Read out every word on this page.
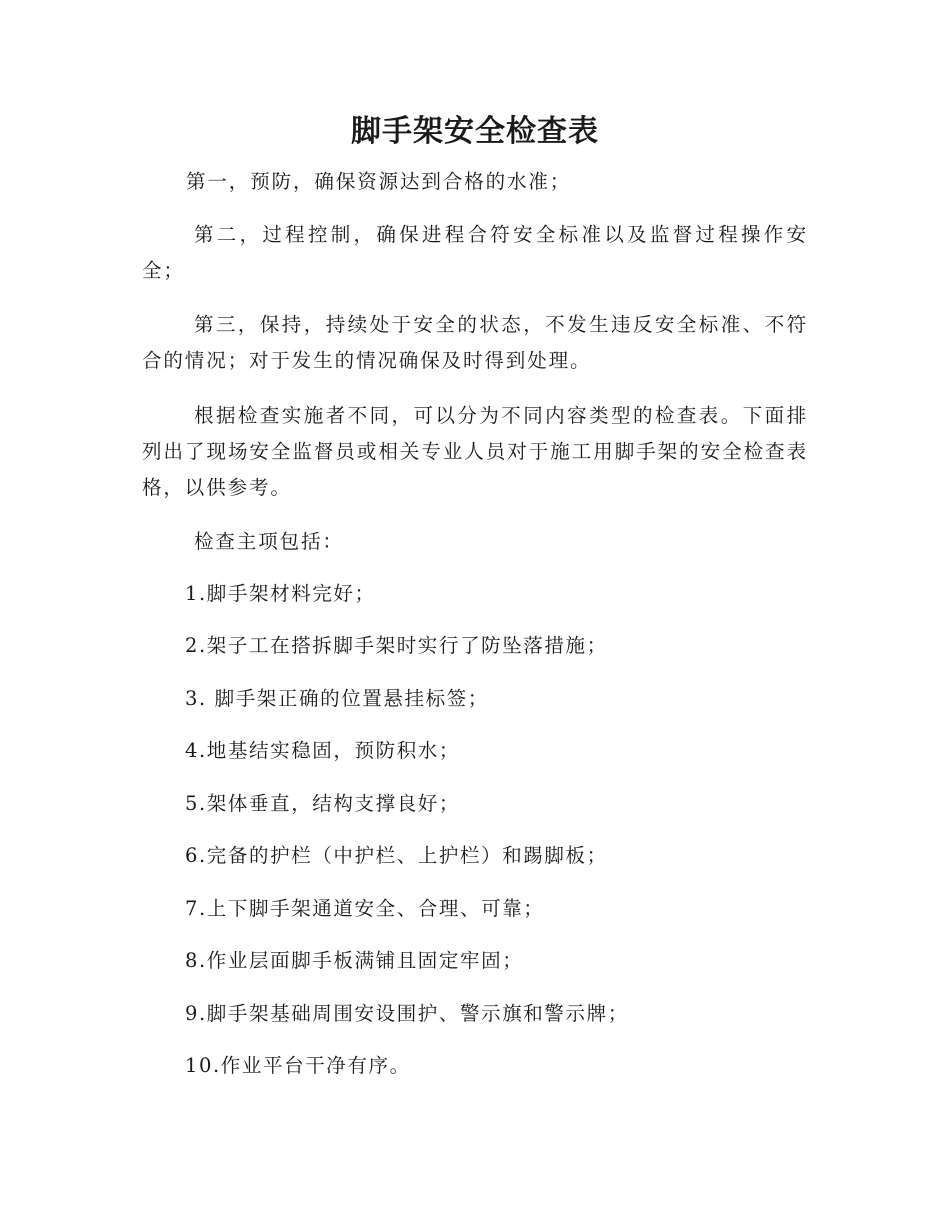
脚手架安全检查表

第一，预防，确保资源达到合格的水准；

第二，过程控制，确保进程合符安全标准以及监督过程操作安全；

第三，保持，持续处于安全的状态，不发生违反安全标准、不符合的情况；对于发生的情况确保及时得到处理。

根据检查实施者不同，可以分为不同内容类型的检查表。下面排列出了现场安全监督员或相关专业人员对于施工用脚手架的安全检查表格，以供参考。

检查主项包括：

1.脚手架材料完好；
2.架子工在搭拆脚手架时实行了防坠落措施；
3. 脚手架正确的位置悬挂标签；
4.地基结实稳固，预防积水；
5.架体垂直，结构支撑良好；
6.完备的护栏（中护栏、上护栏）和踢脚板；
7.上下脚手架通道安全、合理、可靠；
8.作业层面脚手板满铺且固定牢固；
9.脚手架基础周围安设围护、警示旗和警示牌；
10.作业平台干净有序。
